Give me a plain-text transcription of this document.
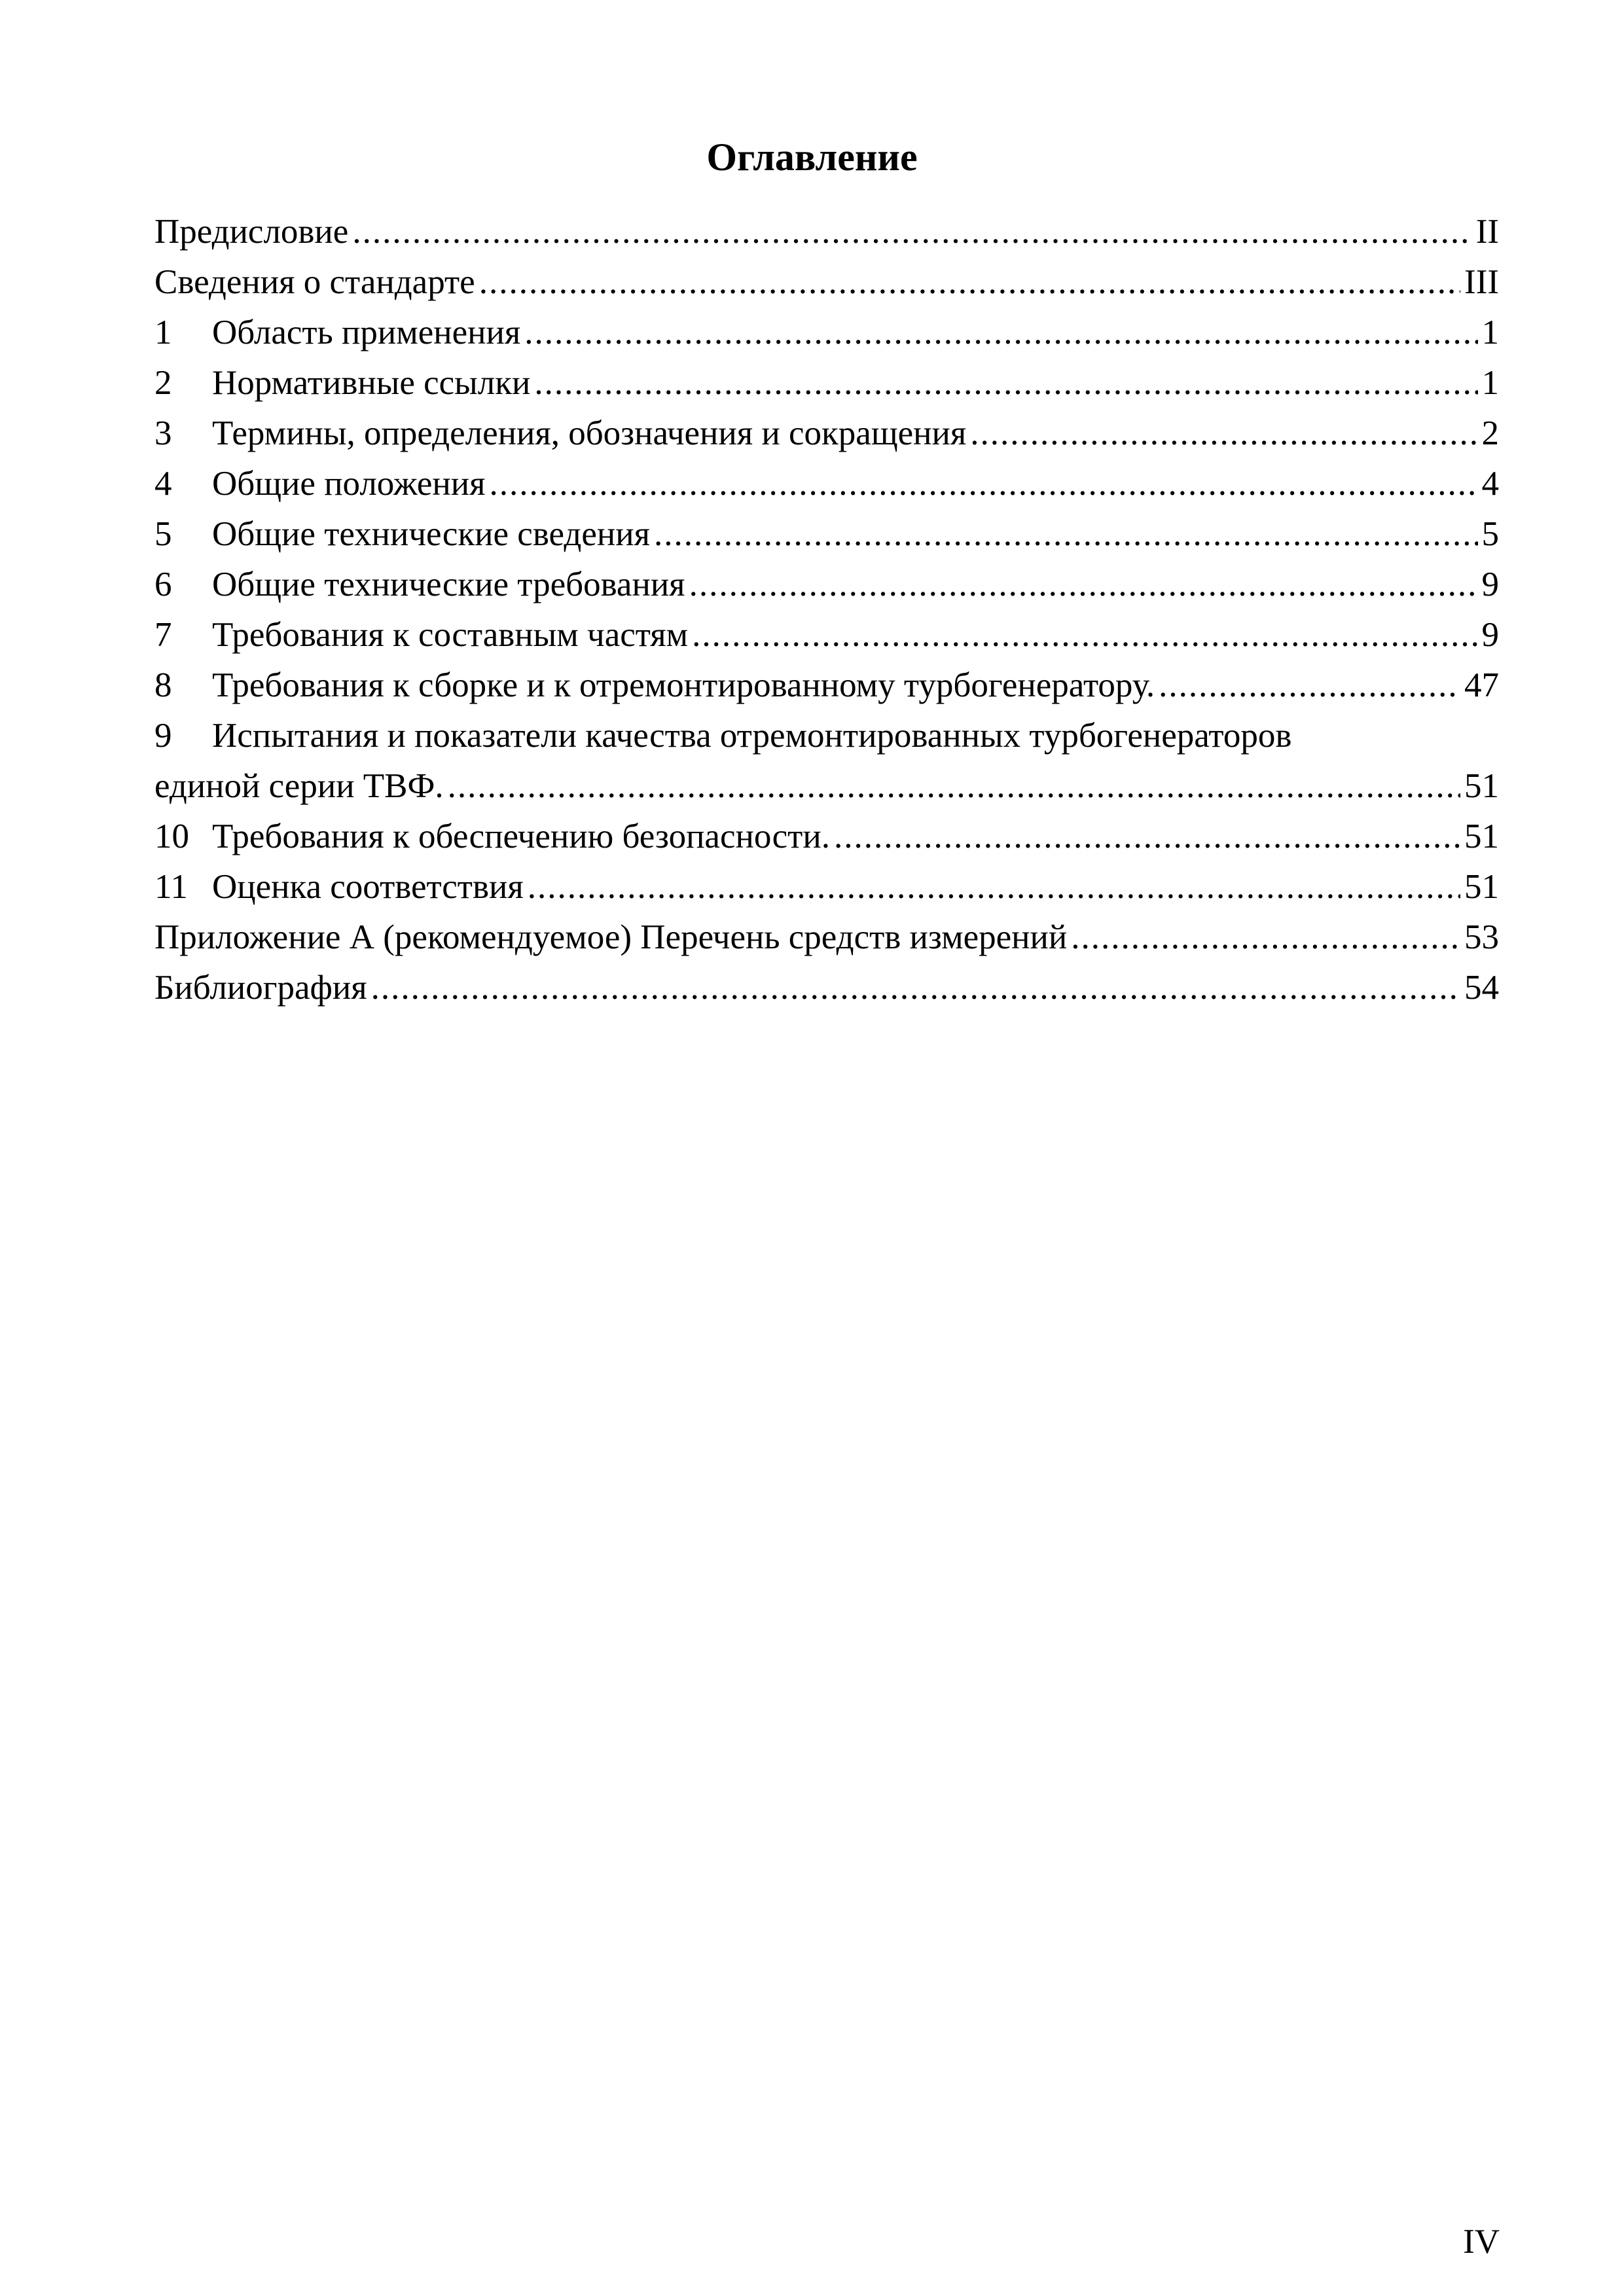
Оглавление
Предисловие .....	II
Сведения о стандарте .....	III
1	Область применения .....	1
2	Нормативные ссылки .....	1
3	Термины, определения, обозначения и сокращения .....	2
4	Общие положения .....	4
5	Общие технические сведения .....	5
6	Общие технические требования .....	9
7	Требования к составным частям .....	9
8	Требования к сборке и к отремонтированному турбогенератору. .....	47
9	Испытания и показатели качества отремонтированных турбогенераторов
единой серии ТВФ. .....	51
10 Требования к обеспечению безопасности. .....	51
11 Оценка соответствия .....	51
Приложение А (рекомендуемое) Перечень средств измерений .....	53
Библиография .....	54
IV
